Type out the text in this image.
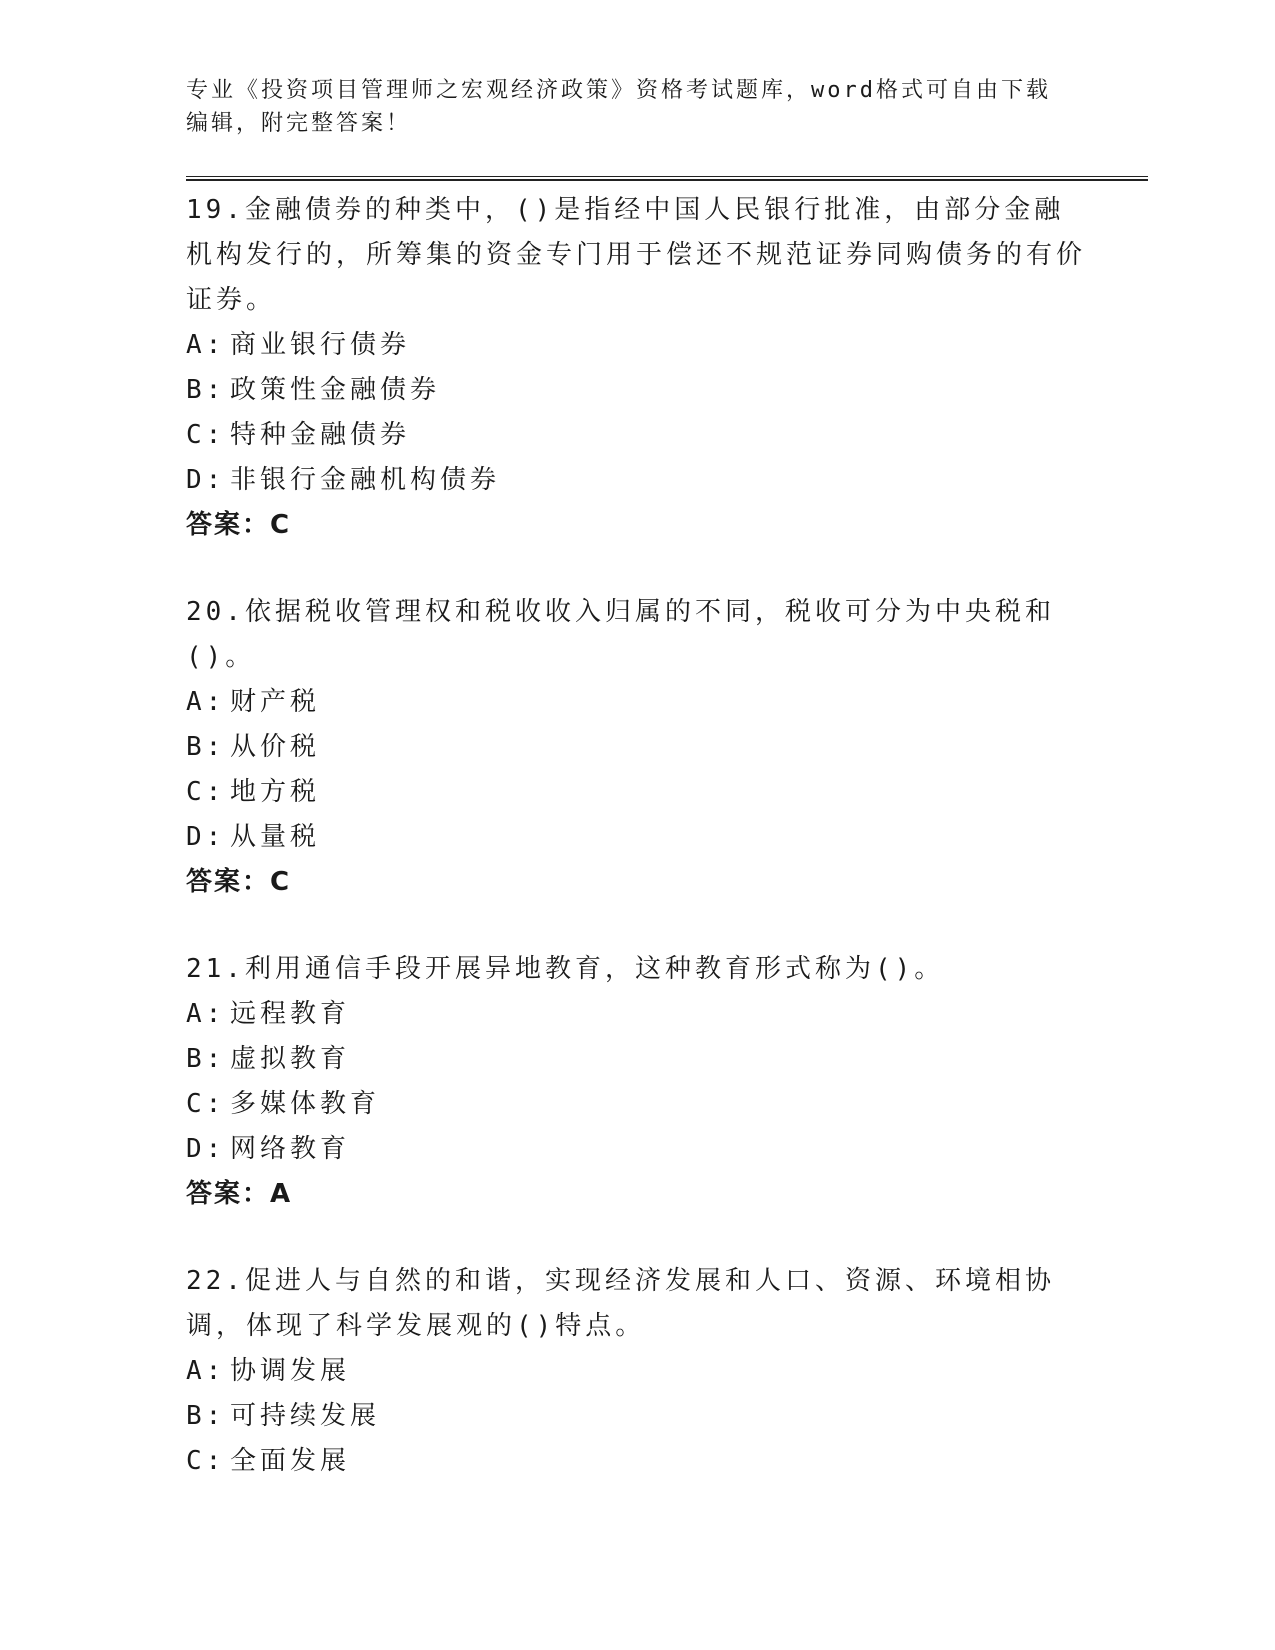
专业《投资项目管理师之宏观经济政策》资格考试题库，word格式可自由下载编辑，附完整答案！

19.金融债券的种类中，()是指经中国人民银行批准，由部分金融机构发行的，所筹集的资金专门用于偿还不规范证券同购债务的有价证券。

A: 商业银行债券
B: 政策性金融债券
C: 特种金融债券
D: 非银行金融机构债券
答案：C

20.依据税收管理权和税收收入归属的不同，税收可分为中央税和()。

A: 财产税
B: 从价税
C: 地方税
D: 从量税
答案：C

21.利用通信手段开展异地教育，这种教育形式称为()。

A: 远程教育
B: 虚拟教育
C: 多媒体教育
D: 网络教育
答案：A

22.促进人与自然的和谐，实现经济发展和人口、资源、环境相协调，体现了科学发展观的()特点。

A: 协调发展
B: 可持续发展
C: 全面发展
